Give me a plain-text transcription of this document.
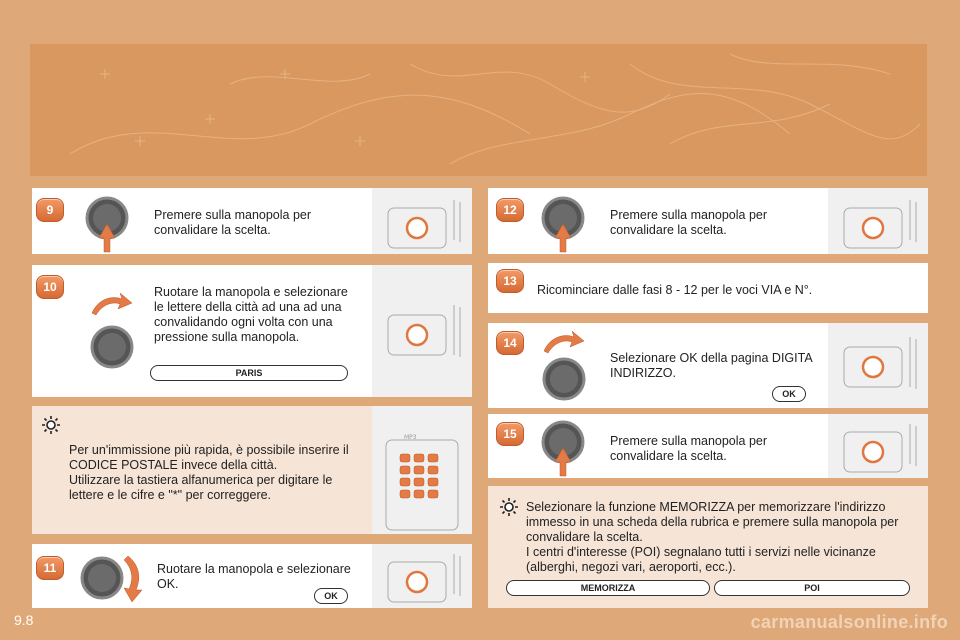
9	Premere sulla manopola per
convalidare la scelta.
10	Ruotare la manopola e selezionare
le lettere della città ad una ad una
convalidando ogni volta con una
pressione sulla manopola.
PARIS
Per un'immissione più rapida, è possibile inserire il
CODICE POSTALE invece della città.
Utilizzare la tastiera alfanumerica per digitare le
lettere e le cifre e "*" per correggere.
MP3
11	Ruotare la manopola e selezionare
OK.
OK
12	Premere sulla manopola per
convalidare la scelta.
13
Ricominciare dalle fasi 8 - 12 per le voci VIA e N°.
14
Selezionare OK della pagina DIGITA
INDIRIZZO.
OK
15	Premere sulla manopola per
convalidare la scelta.
Selezionare la funzione MEMORIZZA per memorizzare l'indirizzo
immesso in una scheda della rubrica e premere sulla manopola per
convalidare la scelta.
I centri d'interesse (POI) segnalano tutti i servizi nelle vicinanze
(alberghi, negozi vari, aeroporti, ecc.).
MEMORIZZA	POI
9.8	carmanualsonline.info
